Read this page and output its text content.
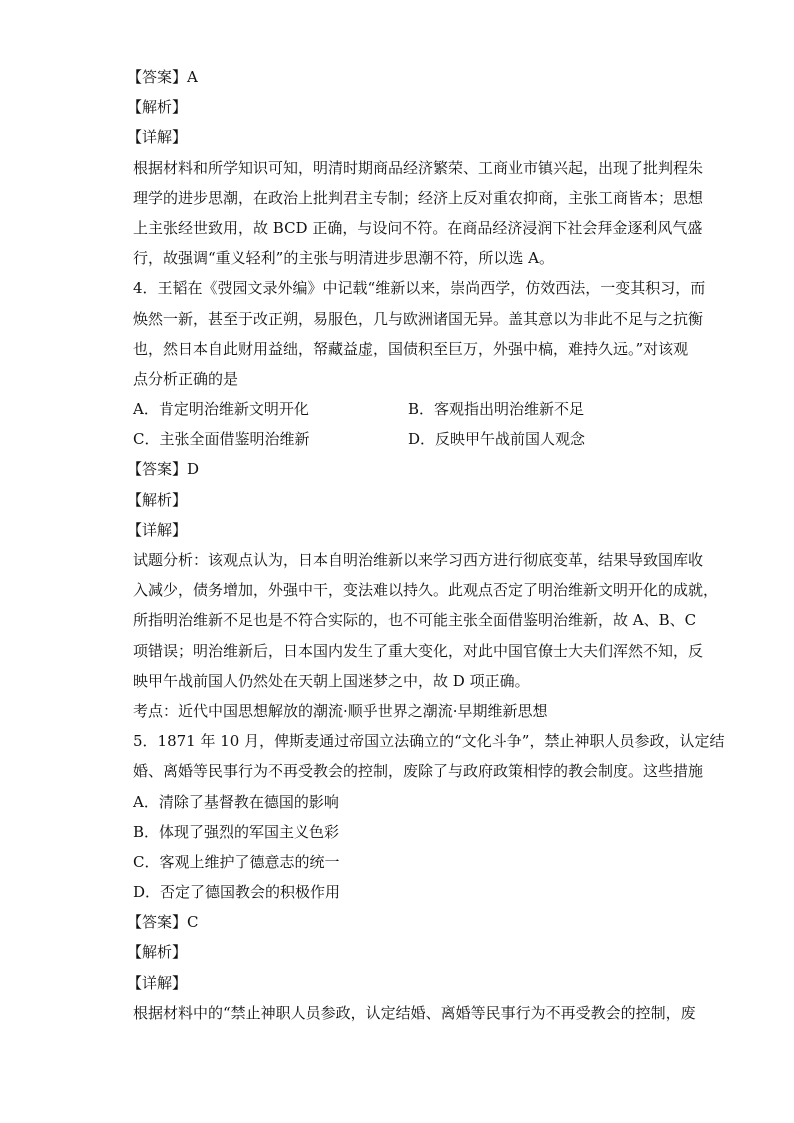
【答案】A
【解析】
【详解】
根据材料和所学知识可知，明清时期商品经济繁荣、工商业市镇兴起，出现了批判程朱
理学的进步思潮，在政治上批判君主专制；经济上反对重农抑商，主张工商皆本；思想
上主张经世致用，故 BCD 正确，与设问不符。在商品经济浸润下社会拜金逐利风气盛
行，故强调“重义轻利”的主张与明清进步思潮不符，所以选 A。
4．王韬在《弢园文录外编》中记载“维新以来，崇尚西学，仿效西法，一变其积习，而
焕然一新，甚至于改正朔，易服色，几与欧洲诸国无异。盖其意以为非此不足与之抗衡
也，然日本自此财用益绌，帑藏益虚，国债积至巨万，外强中槁，难持久远。”对该观
点分析正确的是
A．肯定明治维新文明开化	B．客观指出明治维新不足
C．主张全面借鉴明治维新	D．反映甲午战前国人观念
【答案】D
【解析】
【详解】
试题分析：该观点认为，日本自明治维新以来学习西方进行彻底变革，结果导致国库收
入减少，债务增加，外强中干，变法难以持久。此观点否定了明治维新文明开化的成就，
所指明治维新不足也是不符合实际的，也不可能主张全面借鉴明治维新，故 A、B、C
项错误；明治维新后，日本国内发生了重大变化，对此中国官僚士大夫们浑然不知，反
映甲午战前国人仍然处在天朝上国迷梦之中，故 D 项正确。
考点：近代中国思想解放的潮流·顺乎世界之潮流·早期维新思想
5．1871 年 10 月，俾斯麦通过帝国立法确立的“文化斗争”，禁止神职人员参政，认定结
婚、离婚等民事行为不再受教会的控制，废除了与政府政策相悖的教会制度。这些措施
A．清除了基督教在德国的影响
B．体现了强烈的军国主义色彩
C．客观上维护了德意志的统一
D．否定了德国教会的积极作用
【答案】C
【解析】
【详解】
根据材料中的“禁止神职人员参政，认定结婚、离婚等民事行为不再受教会的控制，废
